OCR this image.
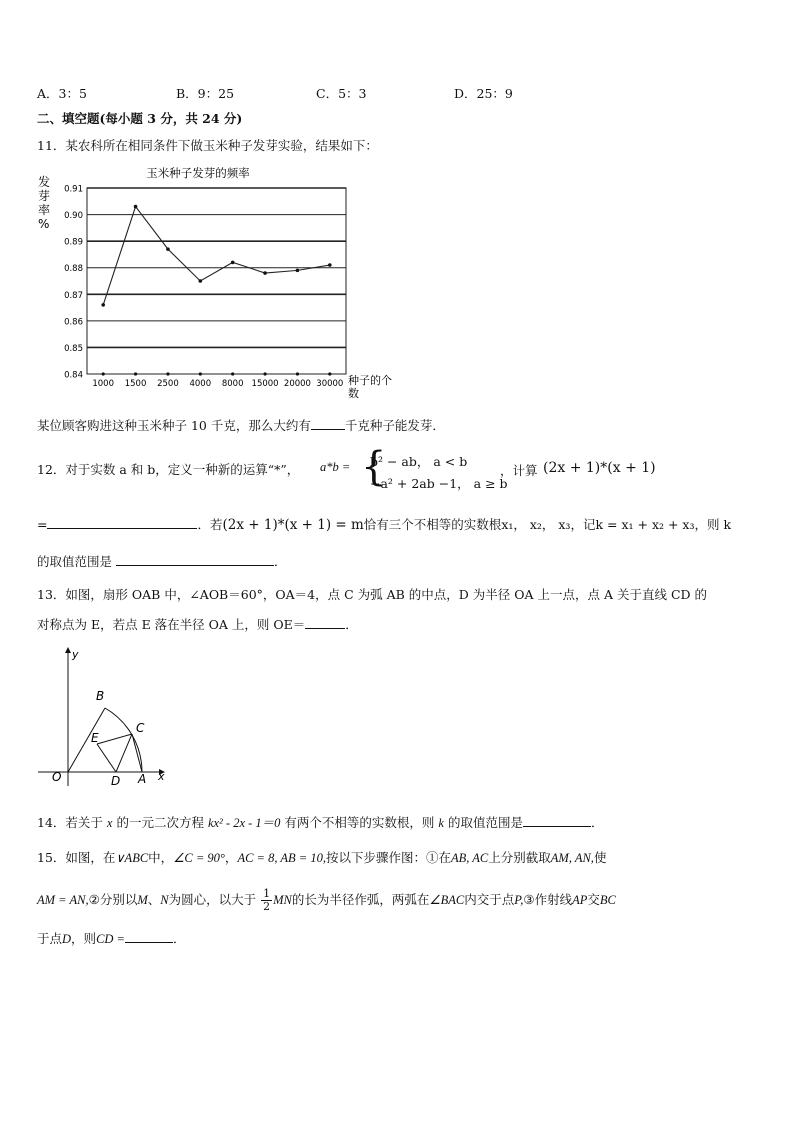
A．3：5	B．9：25	C．5：3	D．25：9
二、填空题(每小题 3 分，共 24 分)
11．某农科所在相同条件下做玉米种子发芽实验，结果如下：
玉米种子发芽的频率
发
芽
率
%
0.84
0.85
0.86
0.87
0.88
0.89
0.90
0.91
1000 1500 2500 4000 8000 15000 20000 30000 种子的个
数
某位顾客购进这种玉米种子 10 千克，那么大约有	千克种子能发芽．
12．对于实数 a 和 b，定义一种新的运算“*”， a*b = {
b² − ab， a < b
−a² + 2ab −1， a ≥ b
，计算 (2x + 1)*(x + 1)
=	．若(2x + 1)*(x + 1) = m恰有三个不相等的实数根x₁， x₂， x₃，记k = x₁ + x₂ + x₃，则 k
的取值范围是	．
13．如图，扇形 OAB 中，∠AOB＝60°，OA＝4，点 C 为弧 AB 的中点，D 为半径 OA 上一点，点 A 关于直线 CD 的
对称点为 E，若点 E 落在半径 OA 上，则 OE＝	．
y
x
O	A
B
C
D
E
14．若关于 x 的一元二次方程 kx² - 2x - 1＝0 有两个不相等的实数根，则 k 的取值范围是	．
15．如图，在∨ABC中，∠C = 90°，AC = 8, AB = 10,按以下步骤作图：①在AB, AC上分别截取AM, AN,使
AM = AN,②分别以M、N为圆心，以大于 $\frac{1}{2}$ MN的长为半径作弧，两弧在∠BAC内交于点P,③作射线AP交BC
于点D，则CD =	．
